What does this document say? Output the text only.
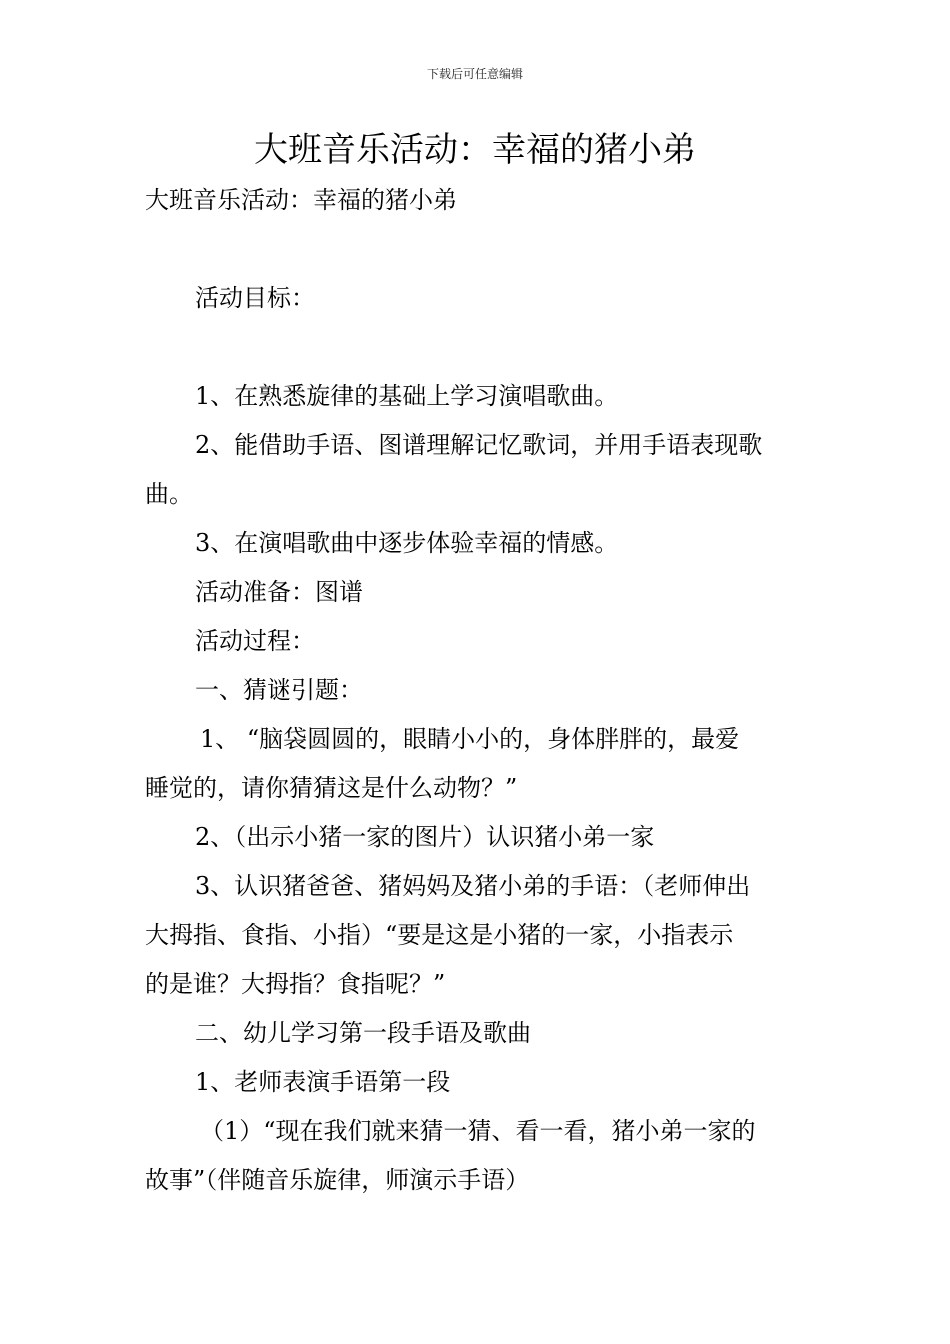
下载后可任意编辑
大班音乐活动：幸福的猪小弟
大班音乐活动：幸福的猪小弟

活动目标：

1、在熟悉旋律的基础上学习演唱歌曲。
2、能借助手语、图谱理解记忆歌词，并用手语表现歌
曲。
3、在演唱歌曲中逐步体验幸福的情感。
活动准备：图谱
活动过程：
一、猜谜引题：
1、 “脑袋圆圆的，眼睛小小的，身体胖胖的，最爱
睡觉的，请你猜猜这是什么动物？”
2、（出示小猪一家的图片）认识猪小弟一家
3、认识猪爸爸、猪妈妈及猪小弟的手语：（老师伸出
大拇指、食指、小指）“要是这是小猪的一家，小指表示
的是谁？大拇指？食指呢？”
二、幼儿学习第一段手语及歌曲
1、老师表演手语第一段
（1）“现在我们就来猜一猜、看一看，猪小弟一家的
故事”（伴随音乐旋律，师演示手语）
